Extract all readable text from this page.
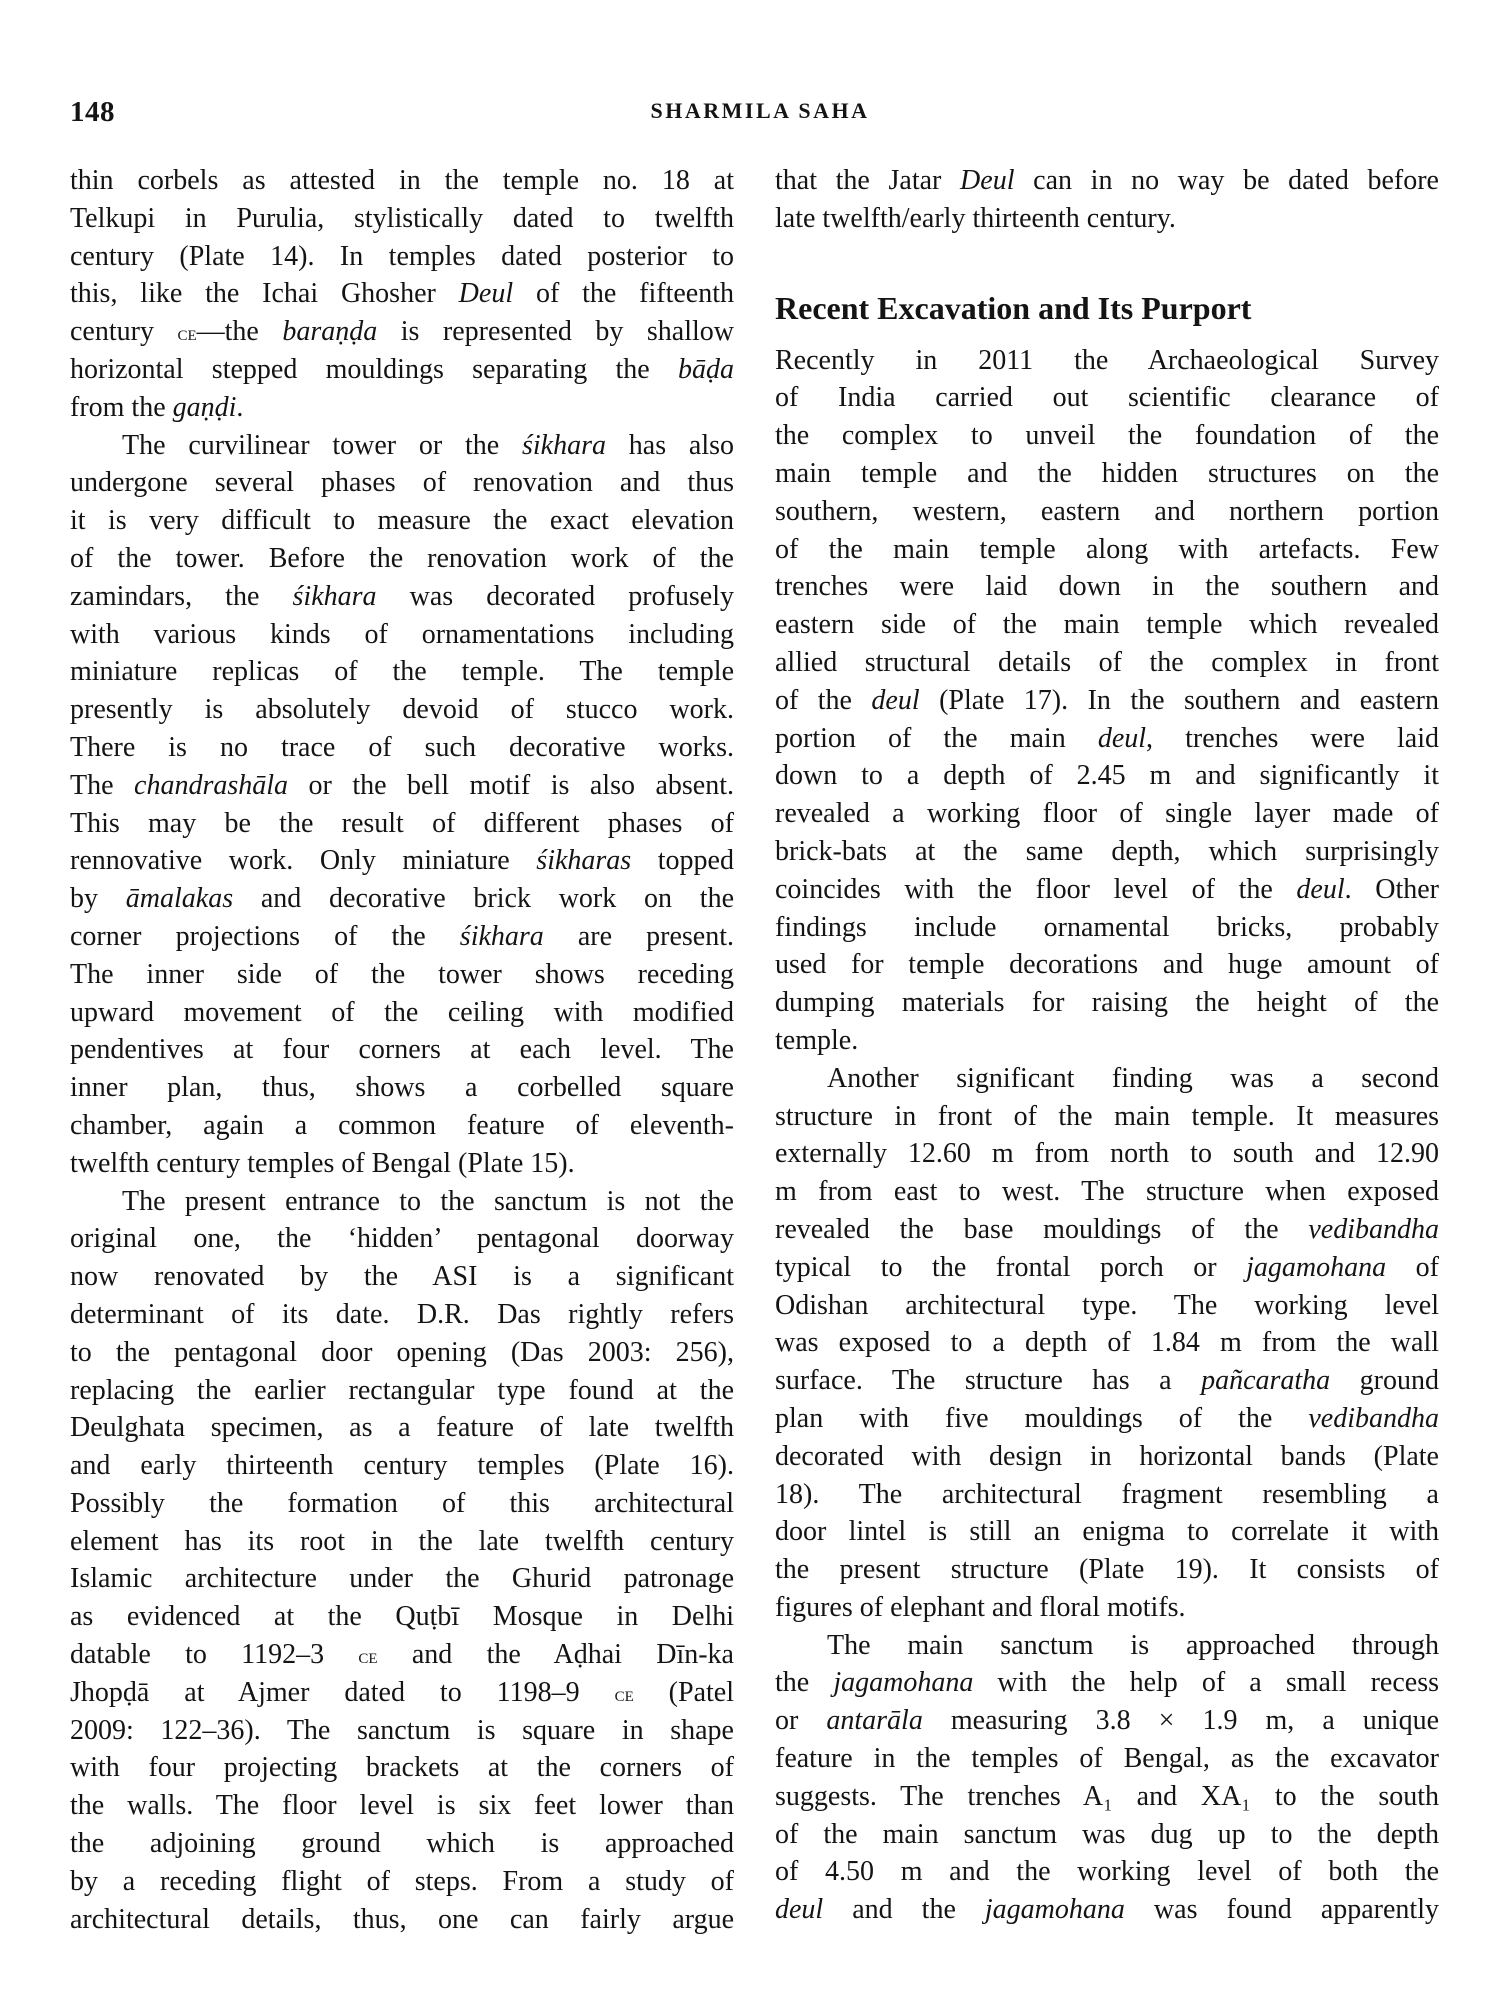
148	SHARMILA SAHA
thin corbels as attested in the temple no. 18 at
Telkupi in Purulia, stylistically dated to twelfth
century (Plate 14). In temples dated posterior to
this, like the Ichai Ghosher Deul of the fifteenth
century ce—the baraṇḍa is represented by shallow
horizontal stepped mouldings separating the bāḍa
from the gaṇḍi.
The curvilinear tower or the śikhara has also
undergone several phases of renovation and thus
it is very difficult to measure the exact elevation
of the tower. Before the renovation work of the
zamindars, the śikhara was decorated profusely
with various kinds of ornamentations including
miniature replicas of the temple. The temple
presently is absolutely devoid of stucco work.
There is no trace of such decorative works.
The chandrashāla or the bell motif is also absent.
This may be the result of different phases of
rennovative work. Only miniature śikharas topped
by āmalakas and decorative brick work on the
corner projections of the śikhara are present.
The inner side of the tower shows receding
upward movement of the ceiling with modified
pendentives at four corners at each level. The
inner plan, thus, shows a corbelled square
chamber, again a common feature of eleventh-
twelfth century temples of Bengal (Plate 15).
The present entrance to the sanctum is not the
original one, the ‘hidden’ pentagonal doorway
now renovated by the ASI is a significant
determinant of its date. D.R. Das rightly refers
to the pentagonal door opening (Das 2003: 256),
replacing the earlier rectangular type found at the
Deulghata specimen, as a feature of late twelfth
and early thirteenth century temples (Plate 16).
Possibly the formation of this architectural
element has its root in the late twelfth century
Islamic architecture under the Ghurid patronage
as evidenced at the Quṭbī Mosque in Delhi
datable to 1192–3 ce and the Aḍhai Dīn-ka
Jhopḍā at Ajmer dated to 1198–9 ce (Patel
2009: 122–36). The sanctum is square in shape
with four projecting brackets at the corners of
the walls. The floor level is six feet lower than
the adjoining ground which is approached
by a receding flight of steps. From a study of
architectural details, thus, one can fairly argue
that the Jatar Deul can in no way be dated before
late twelfth/early thirteenth century.
Recent Excavation and Its Purport
Recently in 2011 the Archaeological Survey
of India carried out scientific clearance of
the complex to unveil the foundation of the
main temple and the hidden structures on the
southern, western, eastern and northern portion
of the main temple along with artefacts. Few
trenches were laid down in the southern and
eastern side of the main temple which revealed
allied structural details of the complex in front
of the deul (Plate 17). In the southern and eastern
portion of the main deul, trenches were laid
down to a depth of 2.45 m and significantly it
revealed a working floor of single layer made of
brick-bats at the same depth, which surprisingly
coincides with the floor level of the deul. Other
findings include ornamental bricks, probably
used for temple decorations and huge amount of
dumping materials for raising the height of the
temple.
Another significant finding was a second
structure in front of the main temple. It measures
externally 12.60 m from north to south and 12.90
m from east to west. The structure when exposed
revealed the base mouldings of the vedibandha
typical to the frontal porch or jagamohana of
Odishan architectural type. The working level
was exposed to a depth of 1.84 m from the wall
surface. The structure has a pañcaratha ground
plan with five mouldings of the vedibandha
decorated with design in horizontal bands (Plate
18). The architectural fragment resembling a
door lintel is still an enigma to correlate it with
the present structure (Plate 19). It consists of
figures of elephant and floral motifs.
The main sanctum is approached through
the jagamohana with the help of a small recess
or antarāla measuring 3.8 × 1.9 m, a unique
feature in the temples of Bengal, as the excavator
suggests. The trenches A₁ and XA₁ to the south
of the main sanctum was dug up to the depth
of 4.50 m and the working level of both the
deul and the jagamohana was found apparently
